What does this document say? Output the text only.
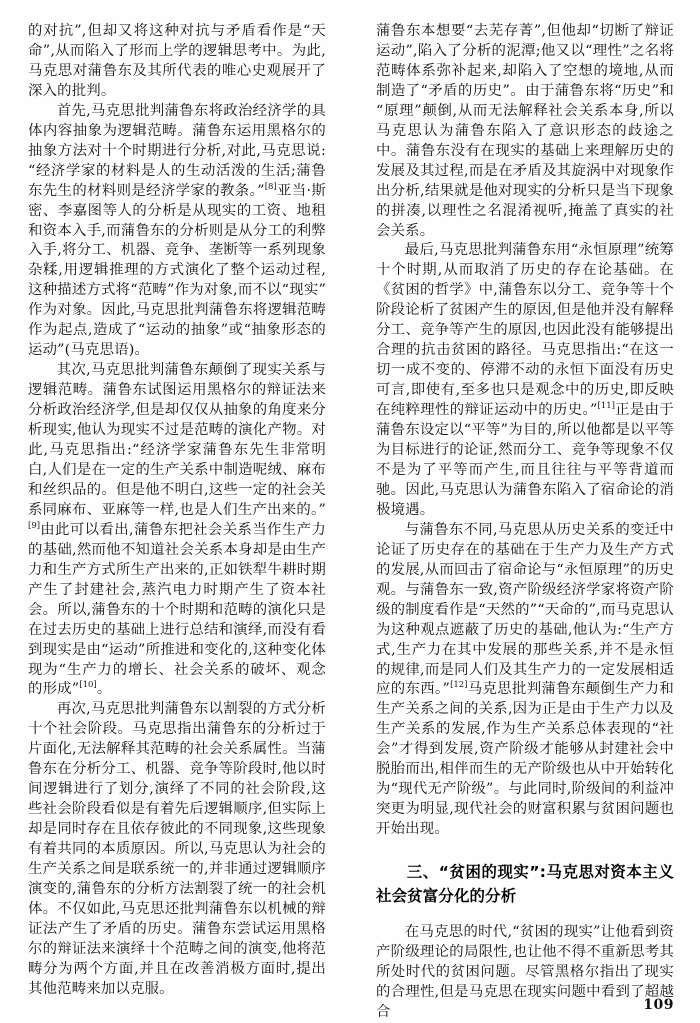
的对抗”,但却又将这种对抗与矛盾看作是“天命”,从而陷入了形而上学的逻辑思考中。为此,马克思对蒲鲁东及其所代表的唯心史观展开了深入的批判。

首先,马克思批判蒲鲁东将政治经济学的具体内容抽象为逻辑范畴。蒲鲁东运用黑格尔的抽象方法对十个时期进行分析,对此,马克思说:“经济学家的材料是人的生动活泼的生活;蒲鲁东先生的材料则是经济学家的教条。”[8]亚当·斯密、李嘉图等人的分析是从现实的工资、地租和资本入手,而蒲鲁东的分析则是从分工的利弊入手,将分工、机器、竞争、垄断等一系列现象杂糅,用逻辑推理的方式演化了整个运动过程,这种描述方式将“范畴”作为对象,而不以“现实”作为对象。因此,马克思批判蒲鲁东将逻辑范畴作为起点,造成了“运动的抽象”或“抽象形态的运动”(马克思语)。

其次,马克思批判蒲鲁东颠倒了现实关系与逻辑范畴。蒲鲁东试图运用黑格尔的辩证法来分析政治经济学,但是却仅仅从抽象的角度来分析现实,他认为现实不过是范畴的演化产物。对此,马克思指出:“经济学家蒲鲁东先生非常明白,人们是在一定的生产关系中制造呢绒、麻布和丝织品的。但是他不明白,这些一定的社会关系同麻布、亚麻等一样,也是人们生产出来的。”[9]由此可以看出,蒲鲁东把社会关系当作生产力的基础,然而他不知道社会关系本身却是由生产力和生产方式所生产出来的,正如铁犁牛耕时期产生了封建社会,蒸汽电力时期产生了资本社会。所以,蒲鲁东的十个时期和范畴的演化只是在过去历史的基础上进行总结和演绎,而没有看到现实是由“运动”所推进和变化的,这种变化体现为“生产力的增长、社会关系的破坏、观念的形成”[10]。

再次,马克思批判蒲鲁东以割裂的方式分析十个社会阶段。马克思指出蒲鲁东的分析过于片面化,无法解释其范畴的社会关系属性。当蒲鲁东在分析分工、机器、竞争等阶段时,他以时间逻辑进行了划分,演绎了不同的社会阶段,这些社会阶段看似是有着先后逻辑顺序,但实际上却是同时存在且依存彼此的不同现象,这些现象有着共同的本质原因。所以,马克思认为社会的生产关系之间是联系统一的,并非通过逻辑顺序演变的,蒲鲁东的分析方法割裂了统一的社会机体。不仅如此,马克思还批判蒲鲁东以机械的辩证法产生了矛盾的历史。蒲鲁东尝试运用黑格尔的辩证法来演绎十个范畴之间的演变,他将范畴分为两个方面,并且在改善消极方面时,提出其他范畴来加以克服。

蒲鲁东本想要“去芜存菁”,但他却“切断了辩证运动”,陷入了分析的泥潭;他又以“理性”之名将范畴体系弥补起来,却陷入了空想的境地,从而制造了“矛盾的历史”。由于蒲鲁东将“历史”和“原理”颠倒,从而无法解释社会关系本身,所以马克思认为蒲鲁东陷入了意识形态的歧途之中。蒲鲁东没有在现实的基础上来理解历史的发展及其过程,而是在矛盾及其旋涡中对现象作出分析,结果就是他对现实的分析只是当下现象的拼凑,以理性之名混淆视听,掩盖了真实的社会关系。

最后,马克思批判蒲鲁东用“永恒原理”统筹十个时期,从而取消了历史的存在论基础。在《贫困的哲学》中,蒲鲁东以分工、竞争等十个阶段论析了贫困产生的原因,但是他并没有解释分工、竞争等产生的原因,也因此没有能够提出合理的抗击贫困的路径。马克思指出:“在这一切一成不变的、停滞不动的永恒下面没有历史可言,即使有,至多也只是观念中的历史,即反映在纯粹理性的辩证运动中的历史。”[11]正是由于蒲鲁东设定以“平等”为目的,所以他都是以平等为目标进行的论证,然而分工、竞争等现象不仅不是为了平等而产生,而且往往与平等背道而驰。因此,马克思认为蒲鲁东陷入了宿命论的消极境遇。

与蒲鲁东不同,马克思从历史关系的变迁中论证了历史存在的基础在于生产力及生产方式的发展,从而回击了宿命论与“永恒原理”的历史观。与蒲鲁东一致,资产阶级经济学家将资产阶级的制度看作是“天然的”“天命的”,而马克思认为这种观点遮蔽了历史的基础,他认为:“生产方式,生产力在其中发展的那些关系,并不是永恒的规律,而是同人们及其生产力的一定发展相适应的东西。”[12]马克思批判蒲鲁东颠倒生产力和生产关系之间的关系,因为正是由于生产力以及生产关系的发展,作为生产关系总体表现的“社会”才得到发展,资产阶级才能够从封建社会中脱胎而出,相伴而生的无产阶级也从中开始转化为“现代无产阶级”。与此同时,阶级间的利益冲突更为明显,现代社会的财富积累与贫困问题也开始出现。

三、“贫困的现实”:马克思对资本主义社会贫富分化的分析

在马克思的时代,“贫困的现实”让他看到资产阶级理论的局限性,也让他不得不重新思考其所处时代的贫困问题。尽管黑格尔指出了现实的合理性,但是马克思在现实问题中看到了超越合	109
